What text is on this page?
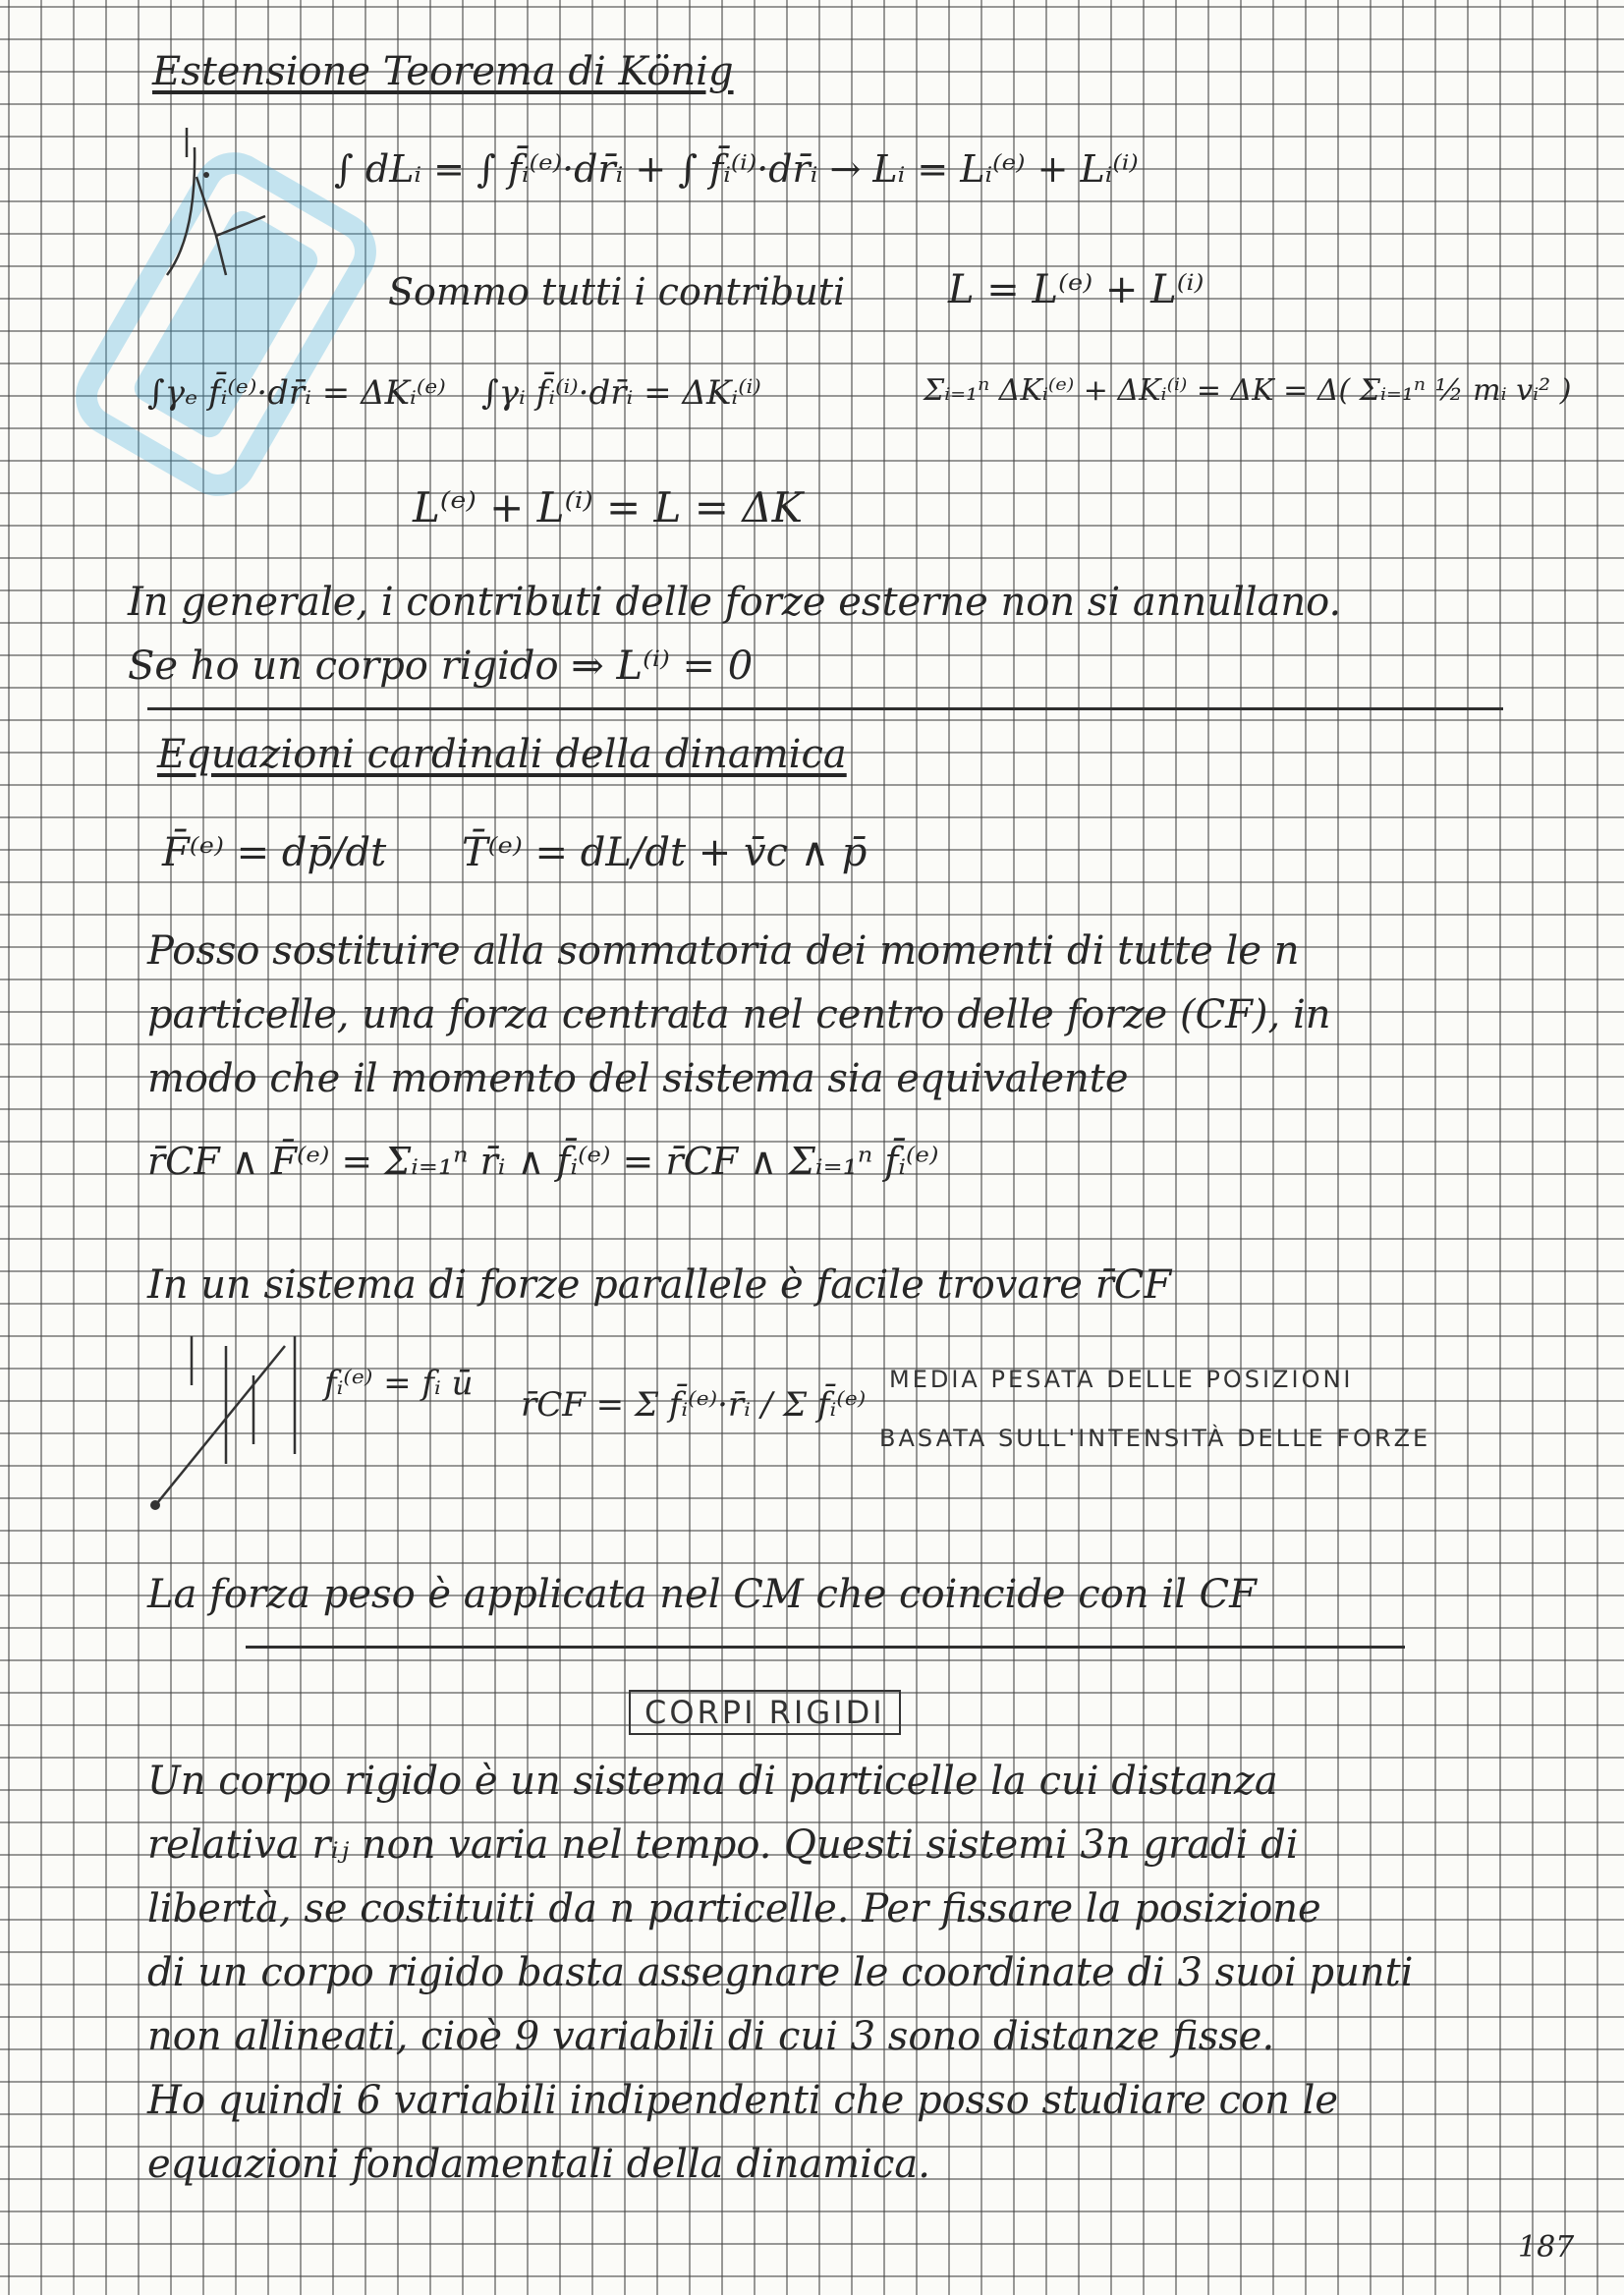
Estensione Teorema di König
∫ dLᵢ = ∫ f̄ᵢ⁽ᵉ⁾·dr̄ᵢ + ∫ f̄ᵢ⁽ⁱ⁾·dr̄ᵢ → Lᵢ = Lᵢ⁽ᵉ⁾ + Lᵢ⁽ⁱ⁾
Sommo tutti i contributi	L = L⁽ᵉ⁾ + L⁽ⁱ⁾
∫γₑ f̄ᵢ⁽ᵉ⁾·dr̄ᵢ = ΔKᵢ⁽ᵉ⁾ ∫γᵢ f̄ᵢ⁽ⁱ⁾·dr̄ᵢ = ΔKᵢ⁽ⁱ⁾	Σᵢ₌₁ⁿ ΔKᵢ⁽ᵉ⁾ + ΔKᵢ⁽ⁱ⁾ = ΔK = Δ( Σᵢ₌₁ⁿ ½ mᵢ vᵢ² )
L⁽ᵉ⁾ + L⁽ⁱ⁾ = L = ΔK
In generale, i contributi delle forze esterne non si annullano.
Se ho un corpo rigido ⇒ L⁽ⁱ⁾ = 0
Equazioni cardinali della dinamica
F̄⁽ᵉ⁾ = dp̄/dt T̄⁽ᵉ⁾ = dL/dt + v̄c ∧ p̄
Posso sostituire alla sommatoria dei momenti di tutte le n
particelle, una forza centrata nel centro delle forze (CF), in
modo che il momento del sistema sia equivalente
r̄CF ∧ F̄⁽ᵉ⁾ = Σᵢ₌₁ⁿ r̄ᵢ ∧ f̄ᵢ⁽ᵉ⁾ = r̄CF ∧ Σᵢ₌₁ⁿ f̄ᵢ⁽ᵉ⁾
In un sistema di forze parallele è facile trovare r̄CF
fᵢ⁽ᵉ⁾ = fᵢ ū
r̄CF = Σ f̄ᵢ⁽ᵉ⁾·r̄ᵢ / Σ f̄ᵢ⁽ᵉ⁾
MEDIA PESATA DELLE POSIZIONI
BASATA SULL'INTENSITÀ DELLE FORZE
La forza peso è applicata nel CM che coincide con il CF
CORPI RIGIDI
Un corpo rigido è un sistema di particelle la cui distanza
relativa rᵢⱼ non varia nel tempo. Questi sistemi 3n gradi di
libertà, se costituiti da n particelle. Per fissare la posizione
di un corpo rigido basta assegnare le coordinate di 3 suoi punti
non allineati, cioè 9 variabili di cui 3 sono distanze fisse.
Ho quindi 6 variabili indipendenti che posso studiare con le
equazioni fondamentali della dinamica.
187
